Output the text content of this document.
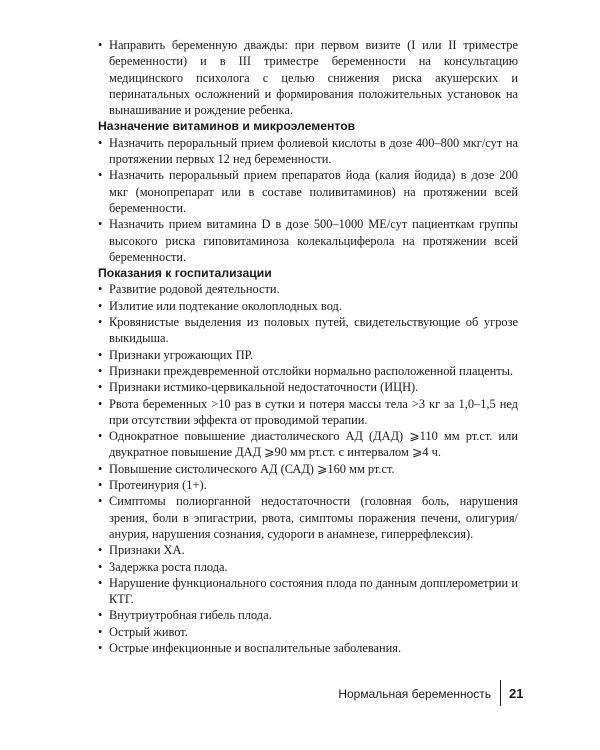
• Направить беременную дважды: при первом визите (I или II триместре беременности) и в III триместре беременности на консультацию медицинского психолога с целью снижения риска акушерских и перинатальных осложнений и формирования положительных установок на вынашивание и рождение ребенка.

Назначение витаминов и микроэлементов

• Назначить пероральный прием фолиевой кислоты в дозе 400–800 мкг/сут на протяжении первых 12 нед беременности.

• Назначить пероральный прием препаратов йода (калия йодида) в дозе 200 мкг (монопрепарат или в составе поливитаминов) на протяжении всей беременности.

• Назначить прием витамина D в дозе 500–1000 МЕ/сут пациенткам группы высокого риска гиповитаминоза колекальциферола на протяжении всей беременности.

Показания к госпитализации

• Развитие родовой деятельности.

• Излитие или подтекание околоплодных вод.

• Кровянистые выделения из половых путей, свидетельствующие об угрозе выкидыша.

• Признаки угрожающих ПР.

• Признаки преждевременной отслойки нормально расположенной плаценты.

• Признаки истмико-цервикальной недостаточности (ИЦН).

• Рвота беременных >10 раз в сутки и потеря массы тела >3 кг за 1,0–1,5 нед при отсутствии эффекта от проводимой терапии.

• Однократное повышение диастолического АД (ДАД) ⩾110 мм рт.ст. или двукратное повышение ДАД ⩾90 мм рт.ст. с интервалом ⩾4 ч.

• Повышение систолического АД (САД) ⩾160 мм рт.ст.

• Протеинурия (1+).

• Симптомы полиорганной недостаточности (головная боль, нарушения зрения, боли в эпигастрии, рвота, симптомы поражения печени, олигурия/анурия, нарушения сознания, судороги в анамнезе, гиперрефлексия).

• Признаки ХА.

• Задержка роста плода.

• Нарушение функционального состояния плода по данным допплерометрии и КТГ.

• Внутриутробная гибель плода.

• Острый живот.

• Острые инфекционные и воспалительные заболевания.

Нормальная беременность 21
